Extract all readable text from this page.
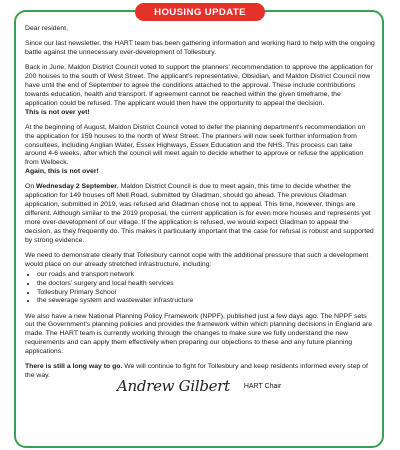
HOUSING UPDATE

Dear resident,

Since our last newsletter, the HART team has been gathering information and working hard to help with the ongoing battle against the unnecessary over-development of Tollesbury.

Back in June, Maldon District Council voted to support the planners' recommendation to approve the application for 200 houses to the south of West Street. The applicant's representative, Obsidian, and Maldon District Council now have until the end of September to agree the conditions attached to the approval. These include contributions towards education, health and transport. If agreement cannot be reached within the given timeframe, the application could be refused. The applicant would then have the opportunity to appeal the decision.
This is not over yet!

At the beginning of August, Maldon District Council voted to defer the planning department's recommendation on the application for 159 houses to the north of West Street. The planners will now seek further information from consultees, including Anglian Water, Essex Highways, Essex Education and the NHS. This process can take around 4-6 weeks, after which the council will meet again to decide whether to approve or refuse the application from Welbeck.
Again, this is not over!

On Wednesday 2 September, Maldon District Council is due to meet again, this time to decide whether the application for 149 houses off Mell Road, submitted by Gladman, should go ahead. The previous Gladman application, submitted in 2019, was refused and Gladman chose not to appeal. This time, however, things are different. Although similar to the 2019 proposal, the current application is for even more houses and represents yet more over-development of our village. If the application is refused, we would expect Gladman to appeal the decision, as they frequently do. This makes it particularly important that the case for refusal is robust and supported by strong evidence.

We need to demonstrate clearly that Tollesbury cannot cope with the additional pressure that such a development would place on our already stretched infrastructure, including:

• our roads and transport network
• the doctors' surgery and local health services
• Tollesbury Primary School
• the sewerage system and wastewater infrastructure

We also have a new National Planning Policy Framework (NPPF), published just a few days ago. The NPPF sets out the Government's planning policies and provides the framework within which planning decisions in England are made. The HART team is currently working through the changes to make sure we fully understand the new requirements and can apply them effectively when preparing our objections to these and any future planning applications.

There is still a long way to go. We will continue to fight for Tollesbury and keep residents informed every step of the way.

Andrew Gilbert HART Chair
